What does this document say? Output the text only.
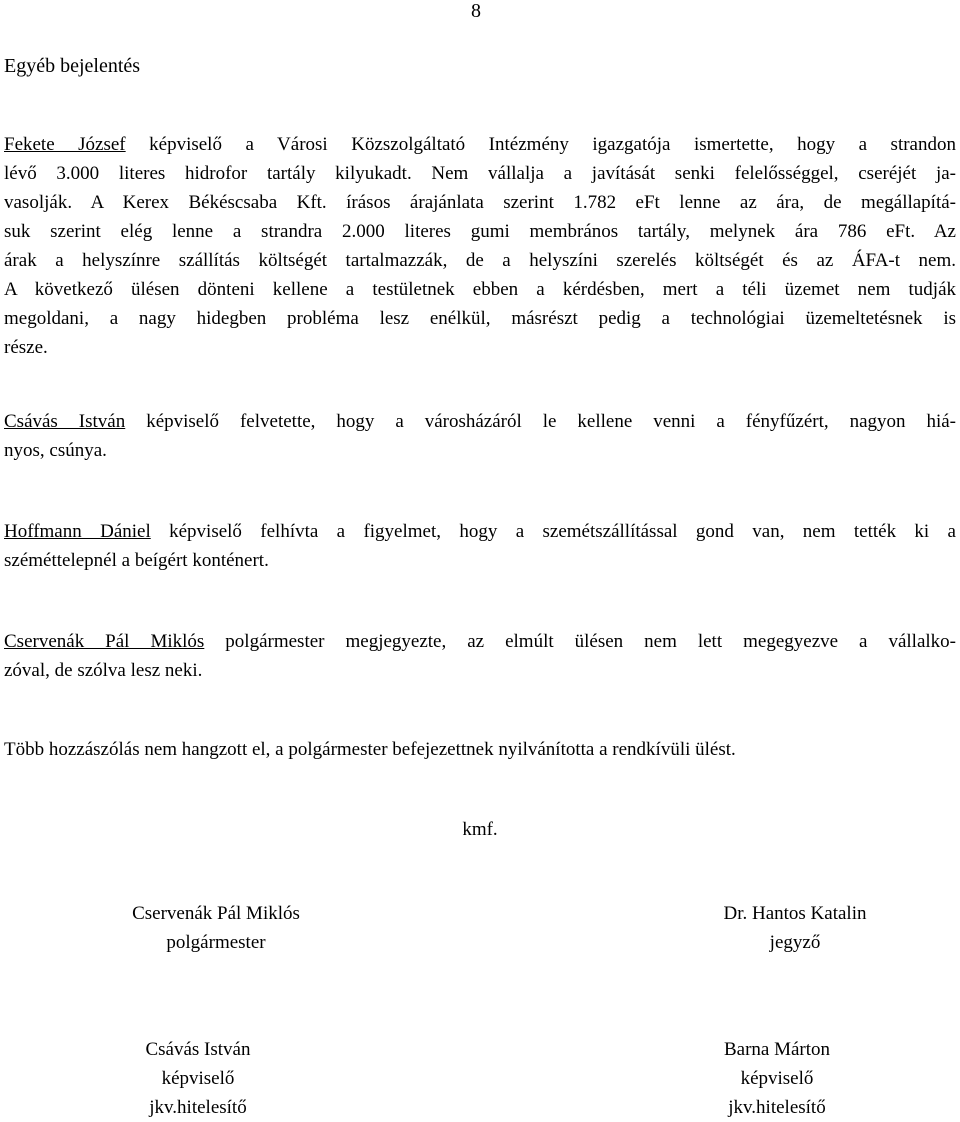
8
Egyéb bejelentés
Fekete József képviselő a Városi Közszolgáltató Intézmény igazgatója ismertette, hogy a strandon
lévő 3.000 literes hidrofor tartály kilyukadt. Nem vállalja a javítását senki felelősséggel, cseréjét ja-
vasolják. A Kerex Békéscsaba Kft. írásos árajánlata szerint 1.782 eFt lenne az ára, de megállapítá-
suk szerint elég lenne a strandra 2.000 literes gumi membrános tartály, melynek ára 786 eFt. Az
árak a helyszínre szállítás költségét tartalmazzák, de a helyszíni szerelés költségét és az ÁFA-t nem.
A következő ülésen dönteni kellene a testületnek ebben a kérdésben, mert a téli üzemet nem tudják
megoldani, a nagy hidegben probléma lesz enélkül, másrészt pedig a technológiai üzemeltetésnek is
része.
Csávás István képviselő felvetette, hogy a városházáról le kellene venni a fényfűzért, nagyon hiá-
nyos, csúnya.
Hoffmann Dániel képviselő felhívta a figyelmet, hogy a szemétszállítással gond van, nem tették ki a
széméttelepnél a beígért konténert.
Cservenák Pál Miklós polgármester megjegyezte, az elmúlt ülésen nem lett megegyezve a vállalko-
zóval, de szólva lesz neki.
Több hozzászólás nem hangzott el, a polgármester befejezettnek nyilvánította a rendkívüli ülést.
kmf.
Cservenák Pál Miklós
polgármester
Dr. Hantos Katalin
jegyző
Csávás István
képviselő
jkv.hitelesítő
Barna Márton
képviselő
jkv.hitelesítő
